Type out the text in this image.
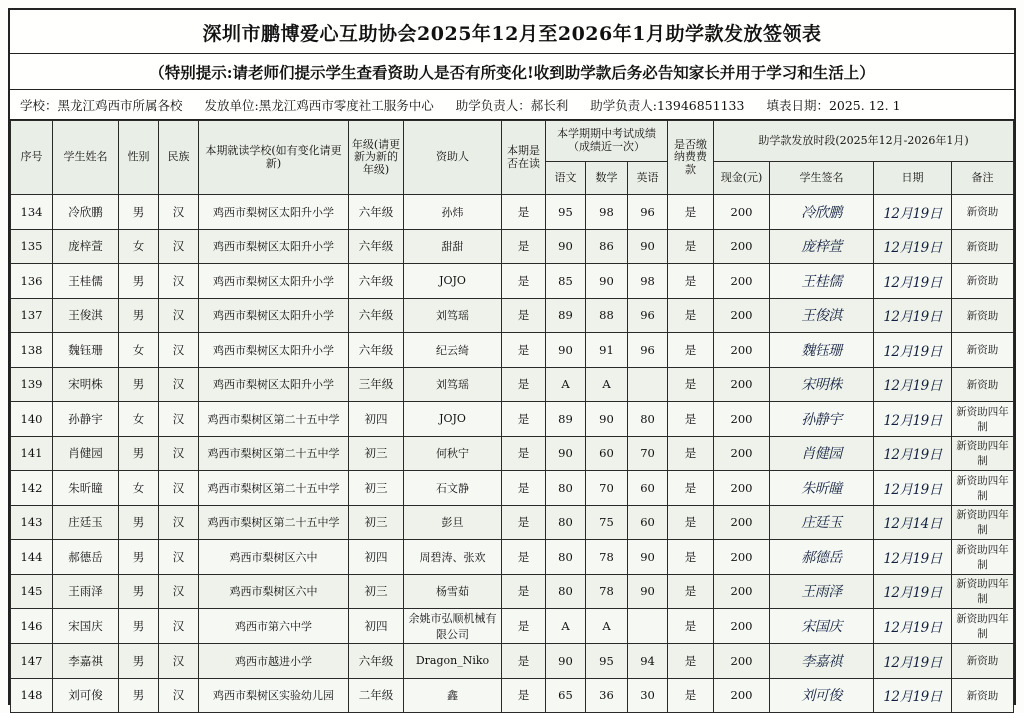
深圳市鹏博爱心互助协会2025年12月至2026年1月助学款发放签领表
（特别提示:请老师们提示学生查看资助人是否有所变化!收到助学款后务必告知家长并用于学习和生活上）
学校：黑龙江鸡西市所属各校 发放单位:黑龙江鸡西市零度社工服务中心 助学负责人：郝长利 助学负责人:13946851133 填表日期：2025. 12. 1
序号	学生姓名	性别	民族	本期就读学校(如有变化请更新)	年级(请更新为新的年级)	资助人	本期是否在读	本学期期中考试成绩（成绩近一次）			是否缴纳费费款	助学款发放时段(2025年12月-2026年1月)			
								语文	数学	英语		现金(元)	学生签名	日期	备注
134	冷欣鹏	男	汉	鸡西市梨树区太阳升小学	六年级	孙炜	是	95	98	96	是	200	冷欣鹏	12月19日	新资助
135	庞梓萱	女	汉	鸡西市梨树区太阳升小学	六年级	甜甜	是	90	86	90	是	200	庞梓萱	12月19日	新资助
136	王桂儒	男	汉	鸡西市梨树区太阳升小学	六年级	JOJO	是	85	90	98	是	200	王桂儒	12月19日	新资助
137	王俊淇	男	汉	鸡西市梨树区太阳升小学	六年级	刘笃瑶	是	89	88	96	是	200	王俊淇	12月19日	新资助
138	魏钰珊	女	汉	鸡西市梨树区太阳升小学	六年级	纪云绮	是	90	91	96	是	200	魏钰珊	12月19日	新资助
139	宋明株	男	汉	鸡西市梨树区太阳升小学	三年级	刘笃瑶	是	A	A		是	200	宋明株	12月19日	新资助
140	孙静宇	女	汉	鸡西市梨树区第二十五中学	初四	JOJO	是	89	90	80	是	200	孙静宇	12月19日	新资助四年制
141	肖健园	男	汉	鸡西市梨树区第二十五中学	初三	何秋宁	是	90	60	70	是	200	肖健园	12月19日	新资助四年制
142	朱昕瞳	女	汉	鸡西市梨树区第二十五中学	初三	石文静	是	80	70	60	是	200	朱昕瞳	12月19日	新资助四年制
143	庄廷玉	男	汉	鸡西市梨树区第二十五中学	初三	彭旦	是	80	75	60	是	200	庄廷玉	12月14日	新资助四年制
144	郝德岳	男	汉	鸡西市梨树区六中	初四	周碧涛、张欢	是	80	78	90	是	200	郝德岳	12月19日	新资助四年制
145	王雨泽	男	汉	鸡西市梨树区六中	初三	杨雪茹	是	80	78	90	是	200	王雨泽	12月19日	新资助四年制
146	宋国庆	男	汉	鸡西市第六中学	初四	余姚市弘顺机械有限公司	是	A	A		是	200	宋国庆	12月19日	新资助四年制
147	李嘉祺	男	汉	鸡西市越进小学	六年级	Dragon_Niko	是	90	95	94	是	200	李嘉祺	12月19日	新资助
148	刘可俊	男	汉	鸡西市梨树区实验幼儿园	二年级	鑫	是	65	36	30	是	200	刘可俊	12月19日	新资助
